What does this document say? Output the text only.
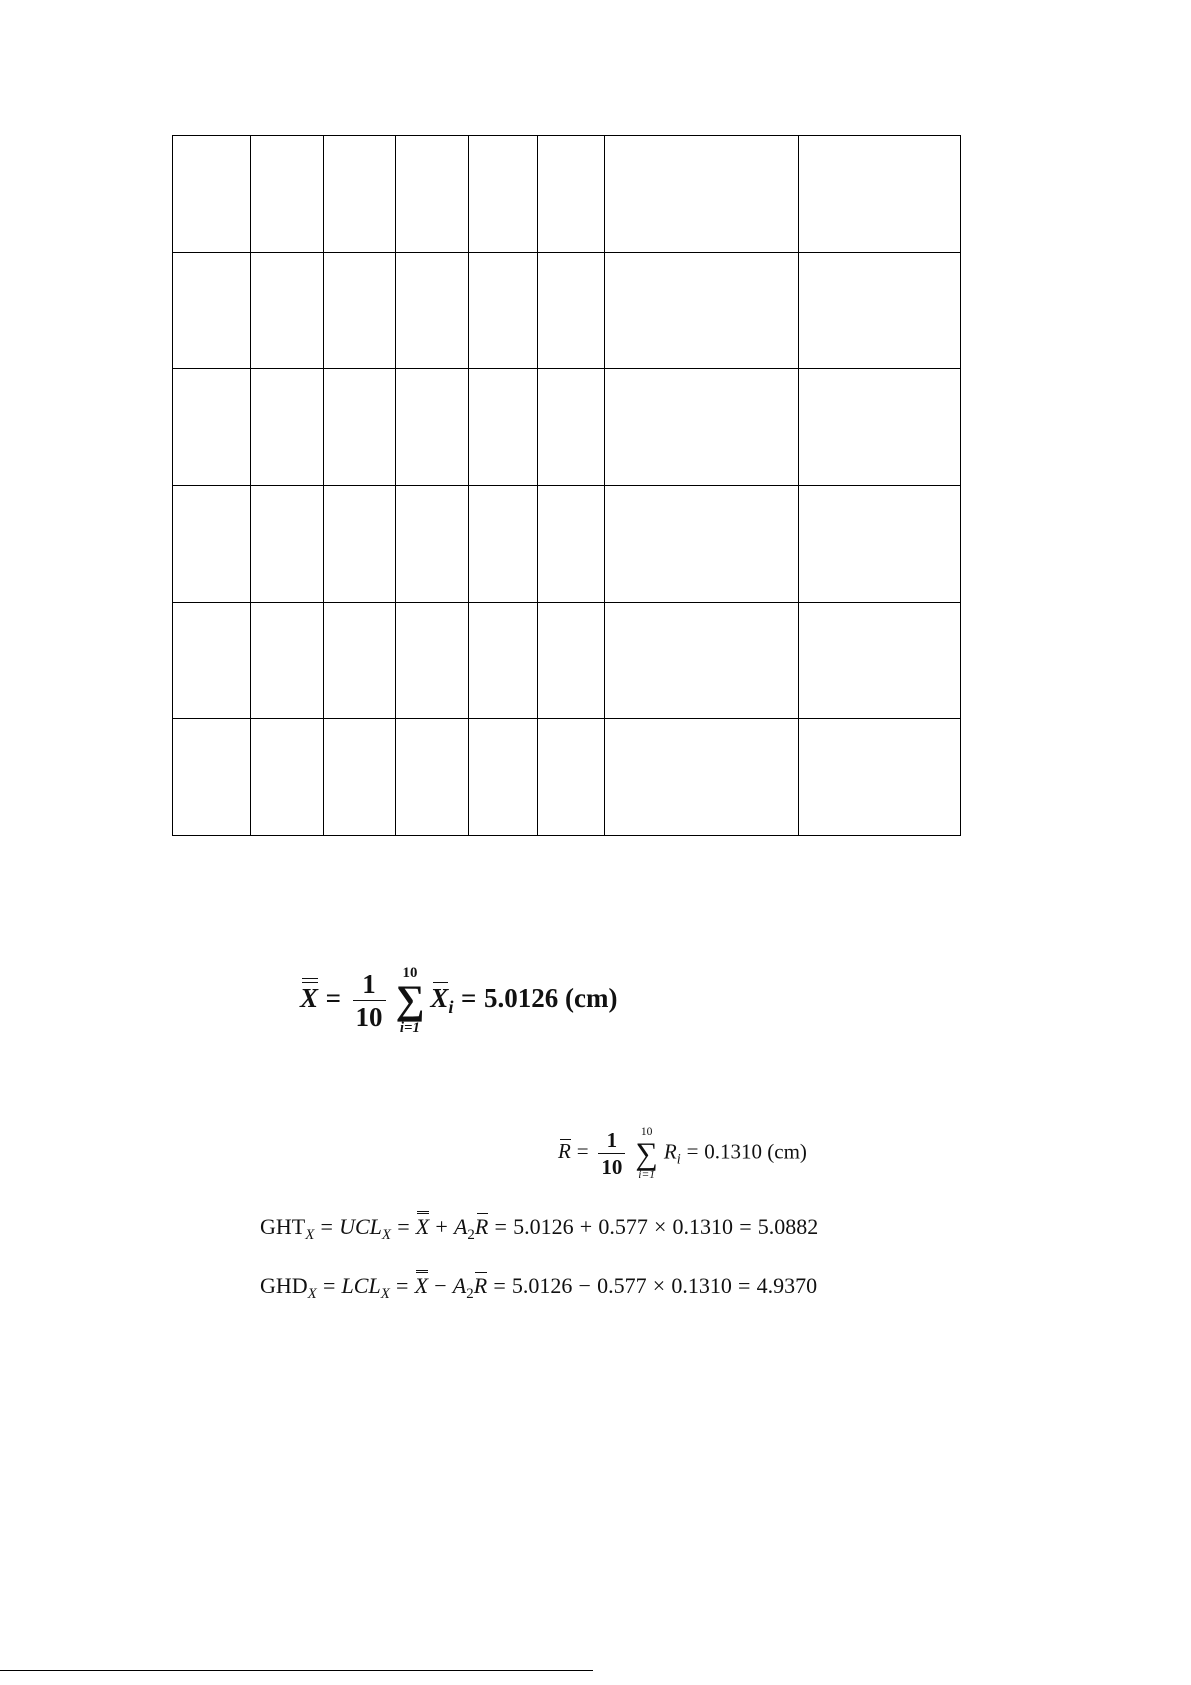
$X = \frac{1}{10}$	10
∑
i=1
$X_i = 5.0126$ (cm)
$R = \frac{1}{10}$	10
∑
i=1
$R_i = 0.1310$ (cm)
$GHT_X = UCL_X = X + A_2R = 5.0126 + 0.577 \times 0.1310 = 5.0882$
$GHD_X = LCL_X = X - A_2R = 5.0126 - 0.577 \times 0.1310 = 4.9370$
